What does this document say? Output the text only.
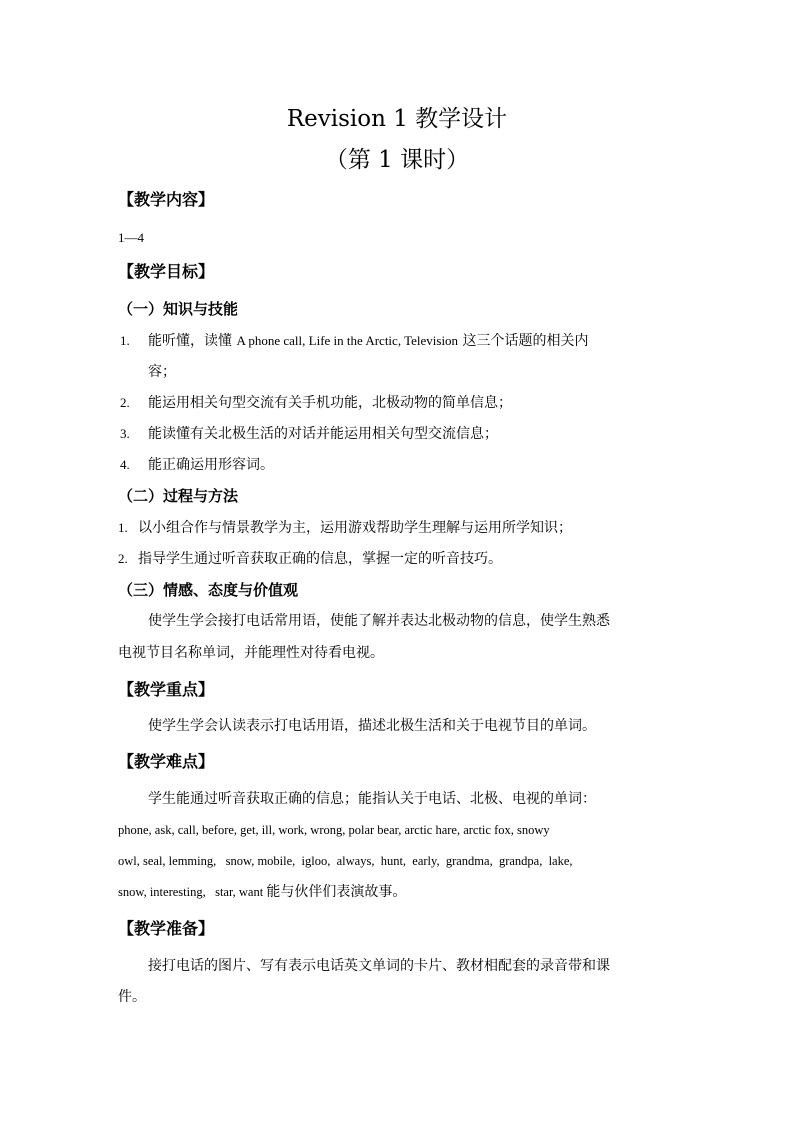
Revision 1 教学设计
（第 1 课时）
【教学内容】
1—4
【教学目标】
（一）知识与技能
1. 能听懂，读懂 A phone call, Life in the Arctic, Television 这三个话题的相关内
容；
2. 能运用相关句型交流有关手机功能，北极动物的简单信息；
3. 能读懂有关北极生活的对话并能运用相关句型交流信息；
4. 能正确运用形容词。
（二）过程与方法
1. 以小组合作与情景教学为主，运用游戏帮助学生理解与运用所学知识；
2. 指导学生通过听音获取正确的信息，掌握一定的听音技巧。
（三）情感、态度与价值观
使学生学会接打电话常用语，使能了解并表达北极动物的信息，使学生熟悉
电视节目名称单词，并能理性对待看电视。
【教学重点】
使学生学会认读表示打电话用语，描述北极生活和关于电视节目的单词。
【教学难点】
学生能通过听音获取正确的信息；能指认关于电话、北极、电视的单词：
phone, ask, call, before, get, ill, work, wrong, polar bear, arctic hare, arctic fox, snowy
owl, seal, lemming,   snow, mobile,  igloo,  always,  hunt,  early,  grandma,  grandpa,  lake,
snow, interesting,   star, want 能与伙伴们表演故事。
【教学准备】
接打电话的图片、写有表示电话英文单词的卡片、教材相配套的录音带和课
件。
